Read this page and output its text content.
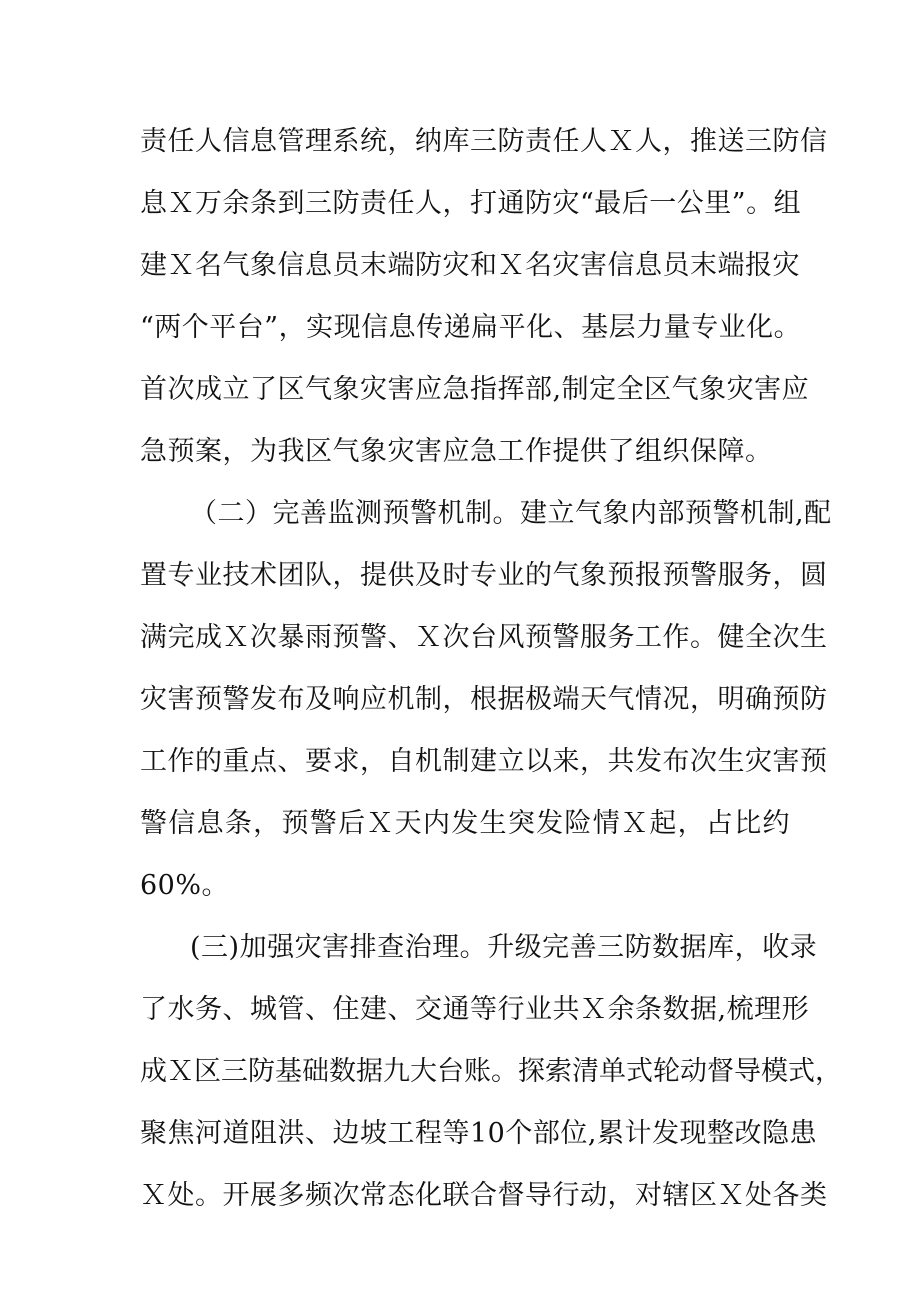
责任人信息管理系统，纳库三防责任人Ｘ人，推送三防信
息Ｘ万余条到三防责任人，打通防灾“最后一公里”。组
建Ｘ名气象信息员末端防灾和Ｘ名灾害信息员末端报灾
“两个平台”，实现信息传递扁平化、基层力量专业化。
首次成立了区气象灾害应急指挥部,制定全区气象灾害应
急预案，为我区气象灾害应急工作提供了组织保障。
（二）完善监测预警机制。建立气象内部预警机制,配
置专业技术团队，提供及时专业的气象预报预警服务，圆
满完成Ｘ次暴雨预警、Ｘ次台风预警服务工作。健全次生
灾害预警发布及响应机制，根据极端天气情况，明确预防
工作的重点、要求，自机制建立以来，共发布次生灾害预
警信息条，预警后Ｘ天内发生突发险情Ｘ起，占比约
60%。
(三)加强灾害排查治理。升级完善三防数据库，收录
了水务、城管、住建、交通等行业共Ｘ余条数据,梳理形
成Ｘ区三防基础数据九大台账。探索清单式轮动督导模式，
聚焦河道阻洪、边坡工程等10个部位,累计发现整改隐患
Ｘ处。开展多频次常态化联合督导行动，对辖区Ｘ处各类
